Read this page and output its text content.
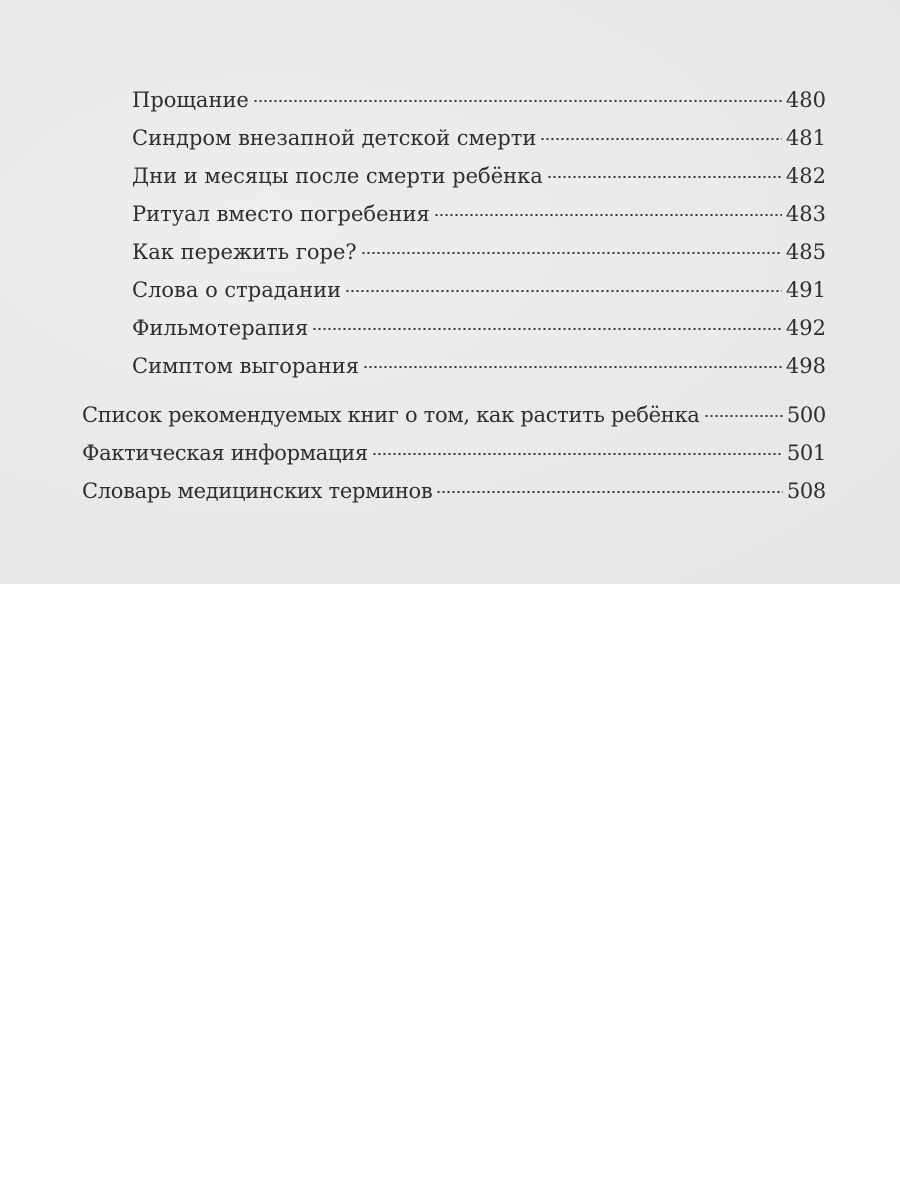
Прощание	480
Синдром внезапной детской смерти	481
Дни и месяцы после смерти ребёнка	482
Ритуал вместо погребения	483
Как пережить горе?	485
Слова о страдании	491
Фильмотерапия	492
Симптом выгорания	498
Список рекомендуемых книг о том, как растить ребёнка	500
Фактическая информация	501
Словарь медицинских терминов	508
